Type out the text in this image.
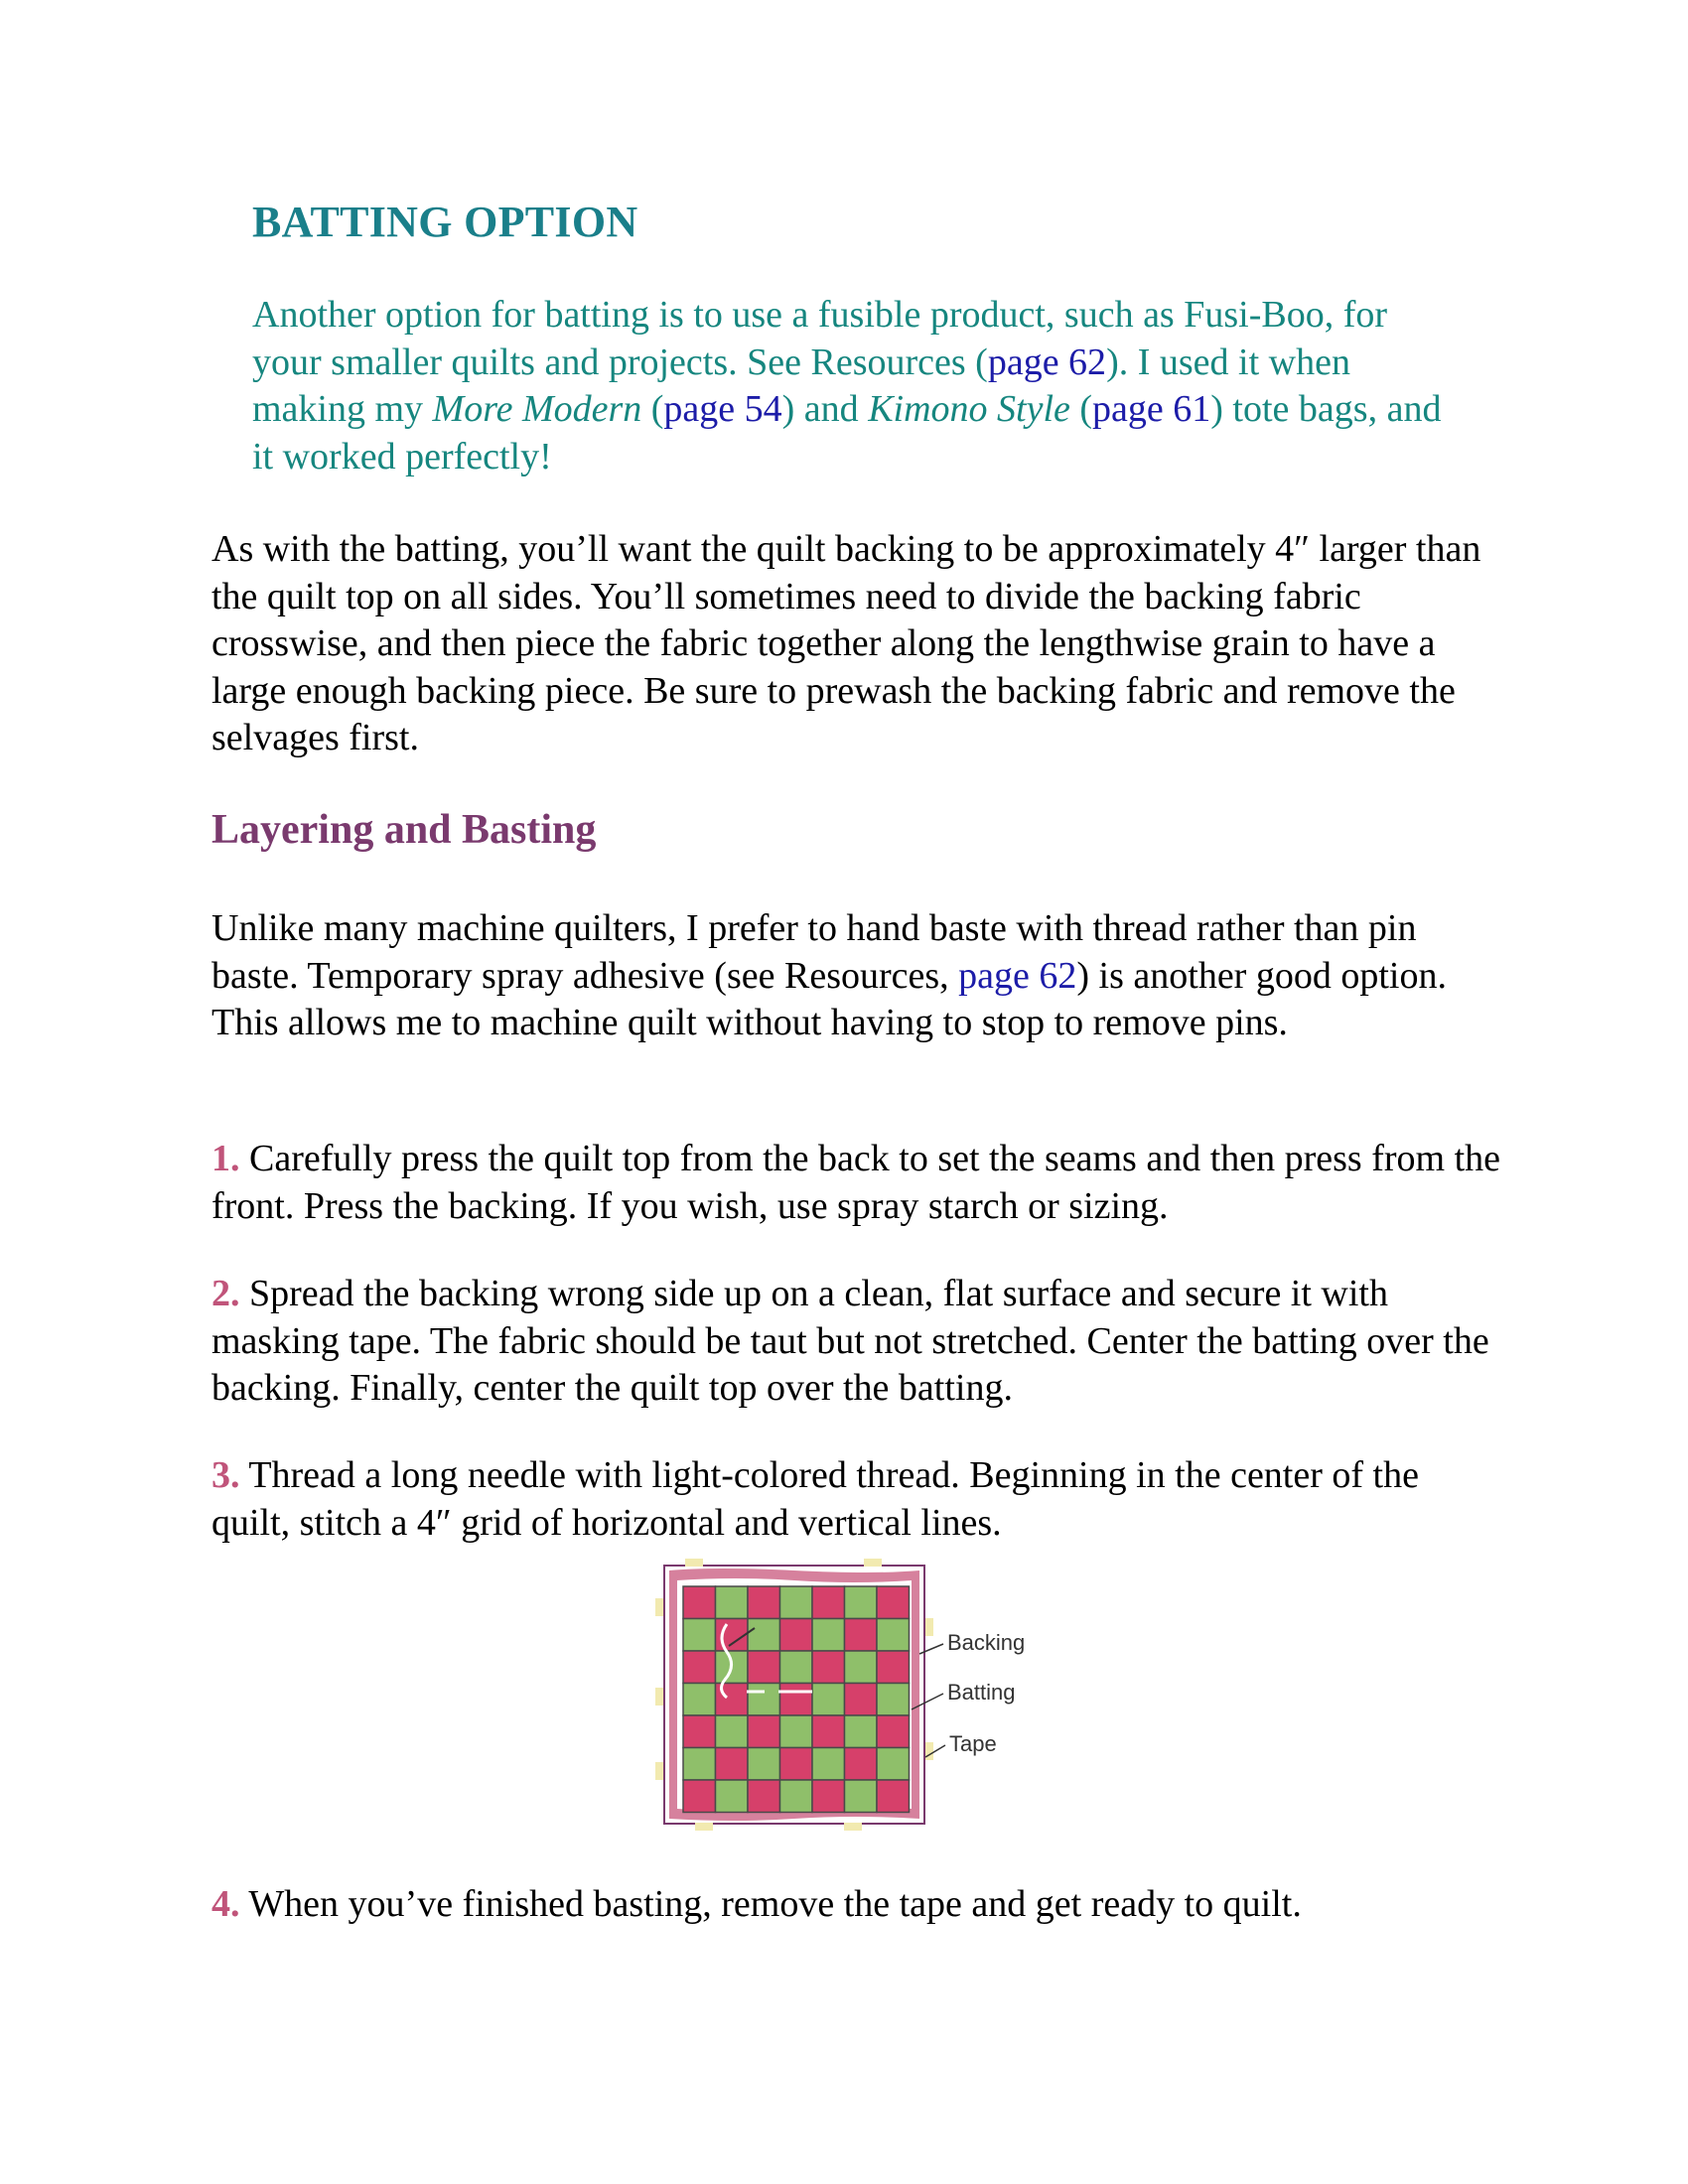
BATTING OPTION

Another option for batting is to use a fusible product, such as Fusi-Boo, for your smaller quilts and projects. See Resources (page 62). I used it when making my More Modern (page 54) and Kimono Style (page 61) tote bags, and it worked perfectly!

As with the batting, you’ll want the quilt backing to be approximately 4″ larger than the quilt top on all sides. You’ll sometimes need to divide the backing fabric crosswise, and then piece the fabric together along the lengthwise grain to have a large enough backing piece. Be sure to prewash the backing fabric and remove the selvages first.

Layering and Basting

Unlike many machine quilters, I prefer to hand baste with thread rather than pin baste. Temporary spray adhesive (see Resources, page 62) is another good option. This allows me to machine quilt without having to stop to remove pins.

1. Carefully press the quilt top from the back to set the seams and then press from the front. Press the backing. If you wish, use spray starch or sizing.

2. Spread the backing wrong side up on a clean, flat surface and secure it with masking tape. The fabric should be taut but not stretched. Center the batting over the backing. Finally, center the quilt top over the batting.

3. Thread a long needle with light-colored thread. Beginning in the center of the quilt, stitch a 4″ grid of horizontal and vertical lines.

Backing
Batting
Tape

4. When you’ve finished basting, remove the tape and get ready to quilt.
